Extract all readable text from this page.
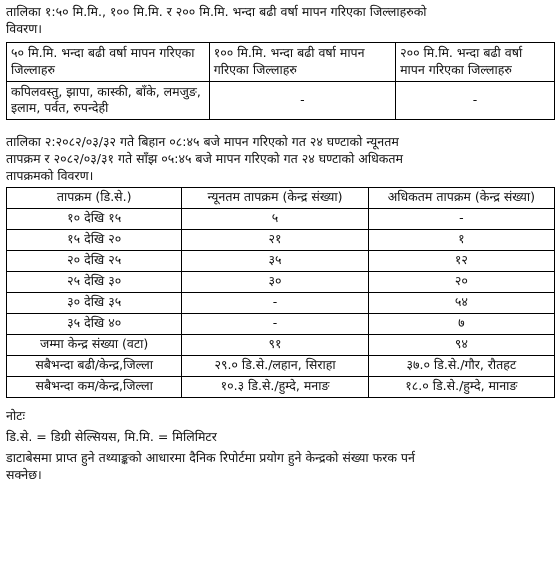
तालिका १:५० मि.मि., १०० मि.मि. र २०० मि.मि. भन्दा बढी वर्षा मापन गरिएका जिल्लाहरुको

विवरण।

५० मि.मि. भन्दा बढी वर्षा मापन गरिएका जिल्लाहरु	१०० मि.मि. भन्दा बढी वर्षा मापन गरिएका जिल्लाहरु	२०० मि.मि. भन्दा बढी वर्षा मापन गरिएका जिल्लाहरु
कपिलवस्तु, झापा, कास्की, बाँके, लमजुङ, इलाम, पर्वत, रुपन्देही	-	-

तालिका २:२०८२/०३/३२ गते बिहान ०८:४५ बजे मापन गरिएको गत २४ घण्टाको न्यूनतम

तापक्रम र २०८२/०३/३१ गते साँझ ०५:४५ बजे मापन गरिएको गत २४ घण्टाको अधिकतम

तापक्रमको विवरण।

तापक्रम (डि.से.)	न्यूनतम तापक्रम (केन्द्र संख्या)	अधिकतम तापक्रम (केन्द्र संख्या)
१० देखि १५	५	-
१५ देखि २०	२१	१
२० देखि २५	३५	१२
२५ देखि ३०	३०	२०
३० देखि ३५	-	५४
३५ देखि ४०	-	७
जम्मा केन्द्र संख्या (वटा)	९१	९४
सबैभन्दा बढी/केन्द्र,जिल्ला	२९.० डि.से./लहान, सिराहा	३७.० डि.से./गौर, रौतहट
सबैभन्दा कम/केन्द्र,जिल्ला	१०.३ डि.से./हुम्दे, मनाङ	१८.० डि.से./हुम्दे, मानाङ

नोटः

डि.से. = डिग्री सेल्सियस, मि.मि. = मिलिमिटर

डाटाबेसमा प्राप्त हुने तथ्याङ्कको आधारमा दैनिक रिपोर्टमा प्रयोग हुने केन्द्रको संख्या फरक पर्न

सक्नेछ।
